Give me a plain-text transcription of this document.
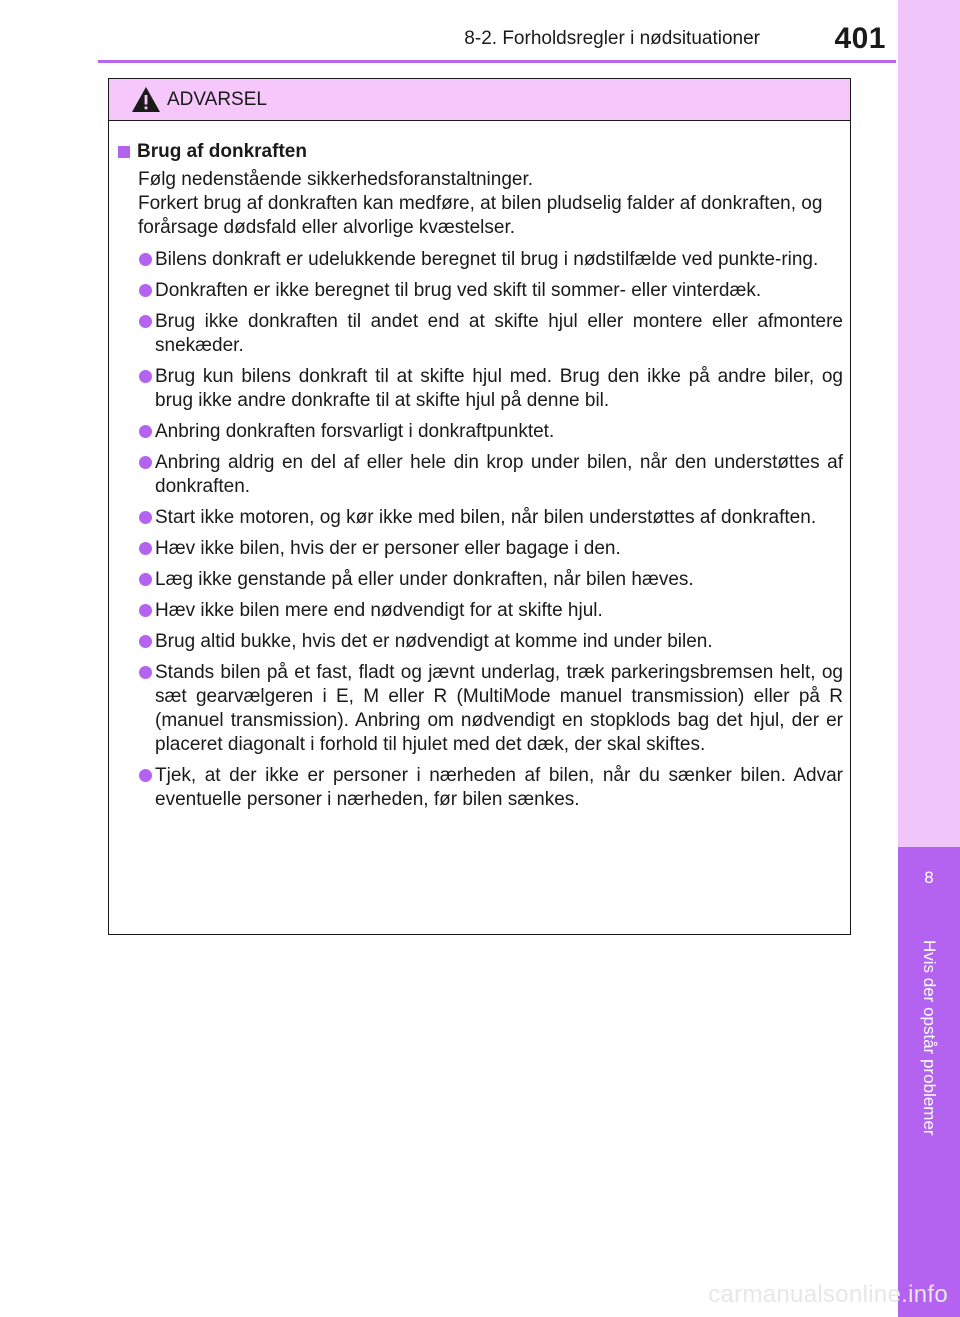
8
Hvis der opstår problemer
8-2. Forholdsregler i nødsituationer	401
ADVARSEL
Brug af donkraften

Følg nedenstående sikkerhedsforanstaltninger.

Forkert brug af donkraften kan medføre, at bilen pludselig falder af donkraften, og forårsage dødsfald eller alvorlige kvæstelser.

Bilens donkraft er udelukkende beregnet til brug i nødstilfælde ved punkte-ring.
Donkraften er ikke beregnet til brug ved skift til sommer- eller vinterdæk.
Brug ikke donkraften til andet end at skifte hjul eller montere eller afmontere snekæder.
Brug kun bilens donkraft til at skifte hjul med. Brug den ikke på andre biler, og brug ikke andre donkrafte til at skifte hjul på denne bil.
Anbring donkraften forsvarligt i donkraftpunktet.
Anbring aldrig en del af eller hele din krop under bilen, når den understøttes af donkraften.
Start ikke motoren, og kør ikke med bilen, når bilen understøttes af donkraften.
Hæv ikke bilen, hvis der er personer eller bagage i den.
Læg ikke genstande på eller under donkraften, når bilen hæves.
Hæv ikke bilen mere end nødvendigt for at skifte hjul.
Brug altid bukke, hvis det er nødvendigt at komme ind under bilen.
Stands bilen på et fast, fladt og jævnt underlag, træk parkeringsbremsen helt, og sæt gearvælgeren i E, M eller R (MultiMode manuel transmission) eller på R (manuel transmission). Anbring om nødvendigt en stopklods bag det hjul, der er placeret diagonalt i forhold til hjulet med det dæk, der skal skiftes.
Tjek, at der ikke er personer i nærheden af bilen, når du sænker bilen. Advar eventuelle personer i nærheden, før bilen sænkes.
carmanualsonline.info
